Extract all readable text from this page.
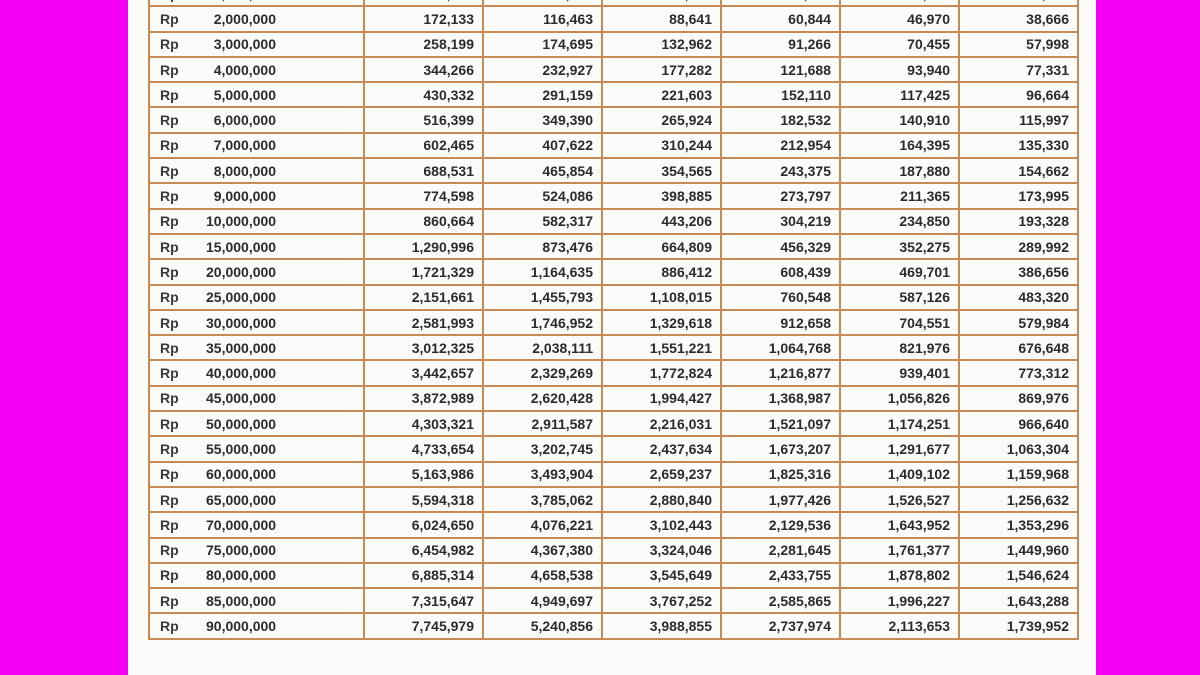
Rp 2,000,000	172,133	116,463	88,641	60,844	46,970	38,666
Rp 3,000,000	258,199	174,695	132,962	91,266	70,455	57,998
Rp 4,000,000	344,266	232,927	177,282	121,688	93,940	77,331
Rp 5,000,000	430,332	291,159	221,603	152,110	117,425	96,664
Rp 6,000,000	516,399	349,390	265,924	182,532	140,910	115,997
Rp 7,000,000	602,465	407,622	310,244	212,954	164,395	135,330
Rp 8,000,000	688,531	465,854	354,565	243,375	187,880	154,662
Rp 9,000,000	774,598	524,086	398,885	273,797	211,365	173,995
Rp 10,000,000	860,664	582,317	443,206	304,219	234,850	193,328
Rp 15,000,000	1,290,996	873,476	664,809	456,329	352,275	289,992
Rp 20,000,000	1,721,329	1,164,635	886,412	608,439	469,701	386,656
Rp 25,000,000	2,151,661	1,455,793	1,108,015	760,548	587,126	483,320
Rp 30,000,000	2,581,993	1,746,952	1,329,618	912,658	704,551	579,984
Rp 35,000,000	3,012,325	2,038,111	1,551,221	1,064,768	821,976	676,648
Rp 40,000,000	3,442,657	2,329,269	1,772,824	1,216,877	939,401	773,312
Rp 45,000,000	3,872,989	2,620,428	1,994,427	1,368,987	1,056,826	869,976
Rp 50,000,000	4,303,321	2,911,587	2,216,031	1,521,097	1,174,251	966,640
Rp 55,000,000	4,733,654	3,202,745	2,437,634	1,673,207	1,291,677	1,063,304
Rp 60,000,000	5,163,986	3,493,904	2,659,237	1,825,316	1,409,102	1,159,968
Rp 65,000,000	5,594,318	3,785,062	2,880,840	1,977,426	1,526,527	1,256,632
Rp 70,000,000	6,024,650	4,076,221	3,102,443	2,129,536	1,643,952	1,353,296
Rp 75,000,000	6,454,982	4,367,380	3,324,046	2,281,645	1,761,377	1,449,960
Rp 80,000,000	6,885,314	4,658,538	3,545,649	2,433,755	1,878,802	1,546,624
Rp 85,000,000	7,315,647	4,949,697	3,767,252	2,585,865	1,996,227	1,643,288
Rp 90,000,000	7,745,979	5,240,856	3,988,855	2,737,974	2,113,653	1,739,952
